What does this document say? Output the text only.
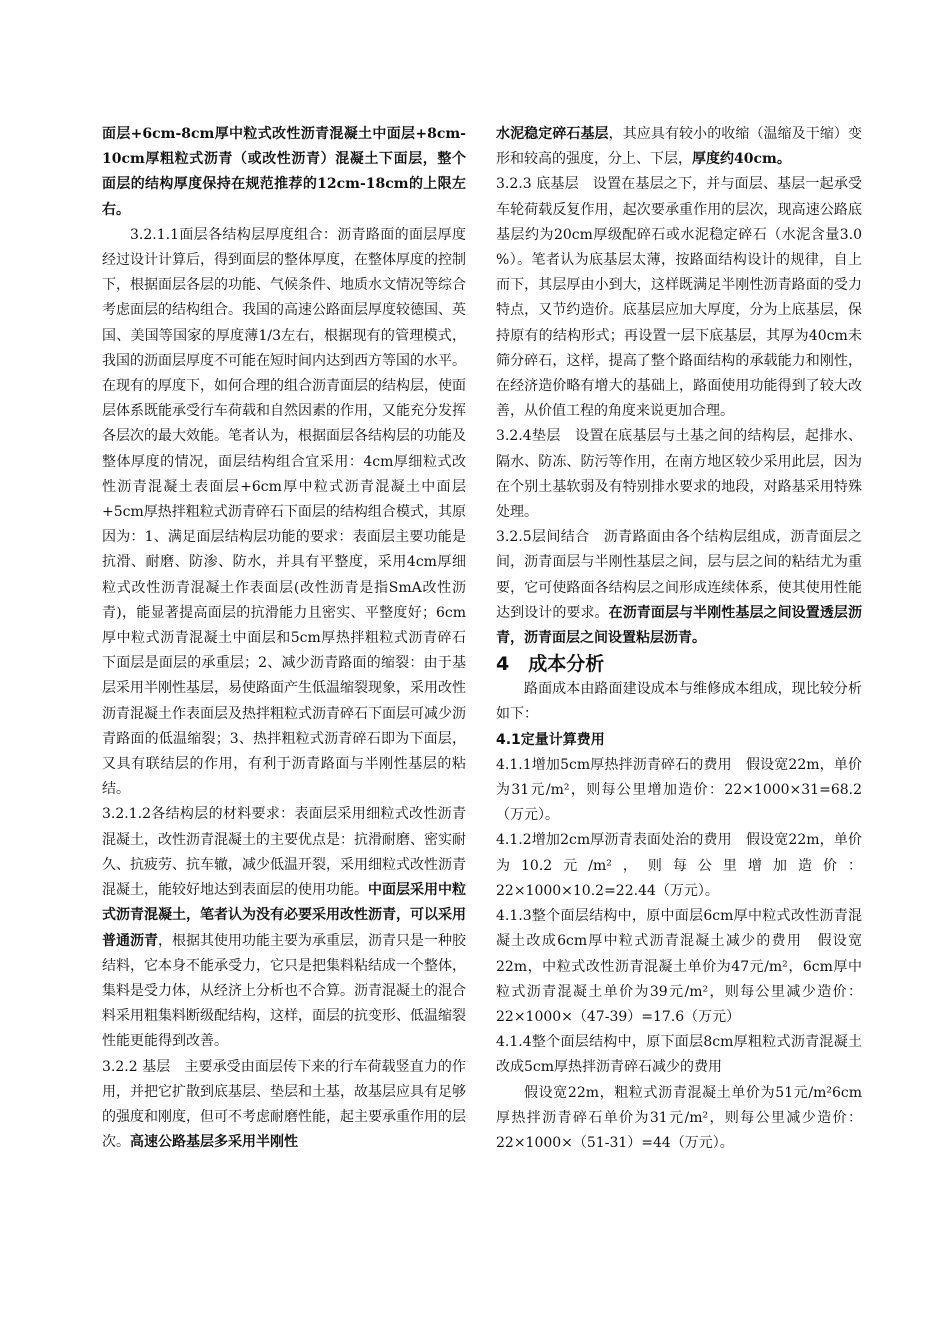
面层+6cm-8cm厚中粒式改性沥青混凝土中面层+8cm-10cm厚粗粒式沥青（或改性沥青）混凝土下面层，整个面层的结构厚度保持在规范推荐的12cm-18cm的上限左右。

3.2.1.1面层各结构层厚度组合：沥青路面的面层厚度经过设计计算后，得到面层的整体厚度，在整体厚度的控制下，根据面层各层的功能、气候条件、地质水文情况等综合考虑面层的结构组合。我国的高速公路面层厚度较德国、英国、美国等国家的厚度薄1/3左右，根据现有的管理模式，我国的沥面层厚度不可能在短时间内达到西方等国的水平。在现有的厚度下，如何合理的组合沥青面层的结构层，使面层体系既能承受行车荷载和自然因素的作用，又能充分发挥各层次的最大效能。笔者认为，根据面层各结构层的功能及整体厚度的情况，面层结构组合宜采用：4cm厚细粒式改性沥青混凝土表面层+6cm厚中粒式沥青混凝土中面层+5cm厚热拌粗粒式沥青碎石下面层的结构组合模式，其原因为：1、满足面层结构层功能的要求：表面层主要功能是抗滑、耐磨、防渗、防水，并具有平整度，采用4cm厚细粒式改性沥青混凝土作表面层(改性沥青是指SmA改性沥青)，能显著提高面层的抗滑能力且密实、平整度好；6cm厚中粒式沥青混凝土中面层和5cm厚热拌粗粒式沥青碎石下面层是面层的承重层；2、减少沥青路面的缩裂：由于基层采用半刚性基层，易使路面产生低温缩裂现象，采用改性沥青混凝土作表面层及热拌粗粒式沥青碎石下面层可减少沥青路面的低温缩裂；3、热拌粗粒式沥青碎石即为下面层，又具有联结层的作用，有利于沥青路面与半刚性基层的粘结。

3.2.1.2各结构层的材料要求：表面层采用细粒式改性沥青混凝土，改性沥青混凝土的主要优点是：抗滑耐磨、密实耐久、抗疲劳、抗车辙，减少低温开裂，采用细粒式改性沥青混凝土，能较好地达到表面层的使用功能。中面层采用中粒式沥青混凝土，笔者认为没有必要采用改性沥青，可以采用普通沥青，根据其使用功能主要为承重层，沥青只是一种胶结料，它本身不能承受力，它只是把集料粘结成一个整体，集料是受力体，从经济上分析也不合算。沥青混凝土的混合料采用粗集料断级配结构，这样，面层的抗变形、低温缩裂性能更能得到改善。

3.2.2 基层　主要承受由面层传下来的行车荷载竖直力的作用，并把它扩散到底基层、垫层和土基，故基层应具有足够的强度和刚度，但可不考虑耐磨性能，起主要承重作用的层次。高速公路基层多采用半刚性

水泥稳定碎石基层，其应具有较小的收缩（温缩及干缩）变形和较高的强度，分上、下层，厚度约40cm。

3.2.3 底基层　设置在基层之下，并与面层、基层一起承受车轮荷载反复作用，起次要承重作用的层次，现高速公路底基层约为20cm厚级配碎石或水泥稳定碎石（水泥含量3.0 %）。笔者认为底基层太薄，按路面结构设计的规律，自上而下，其层厚由小到大，这样既满足半刚性沥青路面的受力特点，又节约造价。底基层应加大厚度，分为上底基层，保持原有的结构形式；再设置一层下底基层，其厚为40cm未筛分碎石，这样，提高了整个路面结构的承载能力和刚性，在经济造价略有增大的基础上，路面使用功能得到了较大改善，从价值工程的角度来说更加合理。

3.2.4垫层　设置在底基层与土基之间的结构层，起排水、隔水、防冻、防污等作用，在南方地区较少采用此层，因为在个别土基软弱及有特别排水要求的地段，对路基采用特殊处理。

3.2.5层间结合　沥青路面由各个结构层组成，沥青面层之间，沥青面层与半刚性基层之间，层与层之间的粘结尤为重要，它可使路面各结构层之间形成连续体系，使其使用性能达到设计的要求。在沥青面层与半刚性基层之间设置透层沥青，沥青面层之间设置粘层沥青。

4　成本分析

路面成本由路面建设成本与维修成本组成，现比较分析如下：

4.1定量计算费用

4.1.1增加5cm厚热拌沥青碎石的费用　假设宽22m，单价为31元/m²，则每公里增加造价：22×1000×31=68.2（万元）。

4.1.2增加2cm厚沥青表面处治的费用　假设宽22m，单价为10.2元/m²，则每公里增加造价：22×1000×10.2=22.44（万元）。

4.1.3整个面层结构中，原中面层6cm厚中粒式改性沥青混凝土改成6cm厚中粒式沥青混凝土减少的费用　假设宽22m，中粒式改性沥青混凝土单价为47元/m²，6cm厚中粒式沥青混凝土单价为39元/m²，则每公里减少造价：22×1000×（47-39）=17.6（万元）

4.1.4整个面层结构中，原下面层8cm厚粗粒式沥青混凝土改成5cm厚热拌沥青碎石减少的费用

假设宽22m，粗粒式沥青混凝土单价为51元/m²6cm厚热拌沥青碎石单价为31元/m²，则每公里减少造价：22×1000×（51-31）=44（万元）。
